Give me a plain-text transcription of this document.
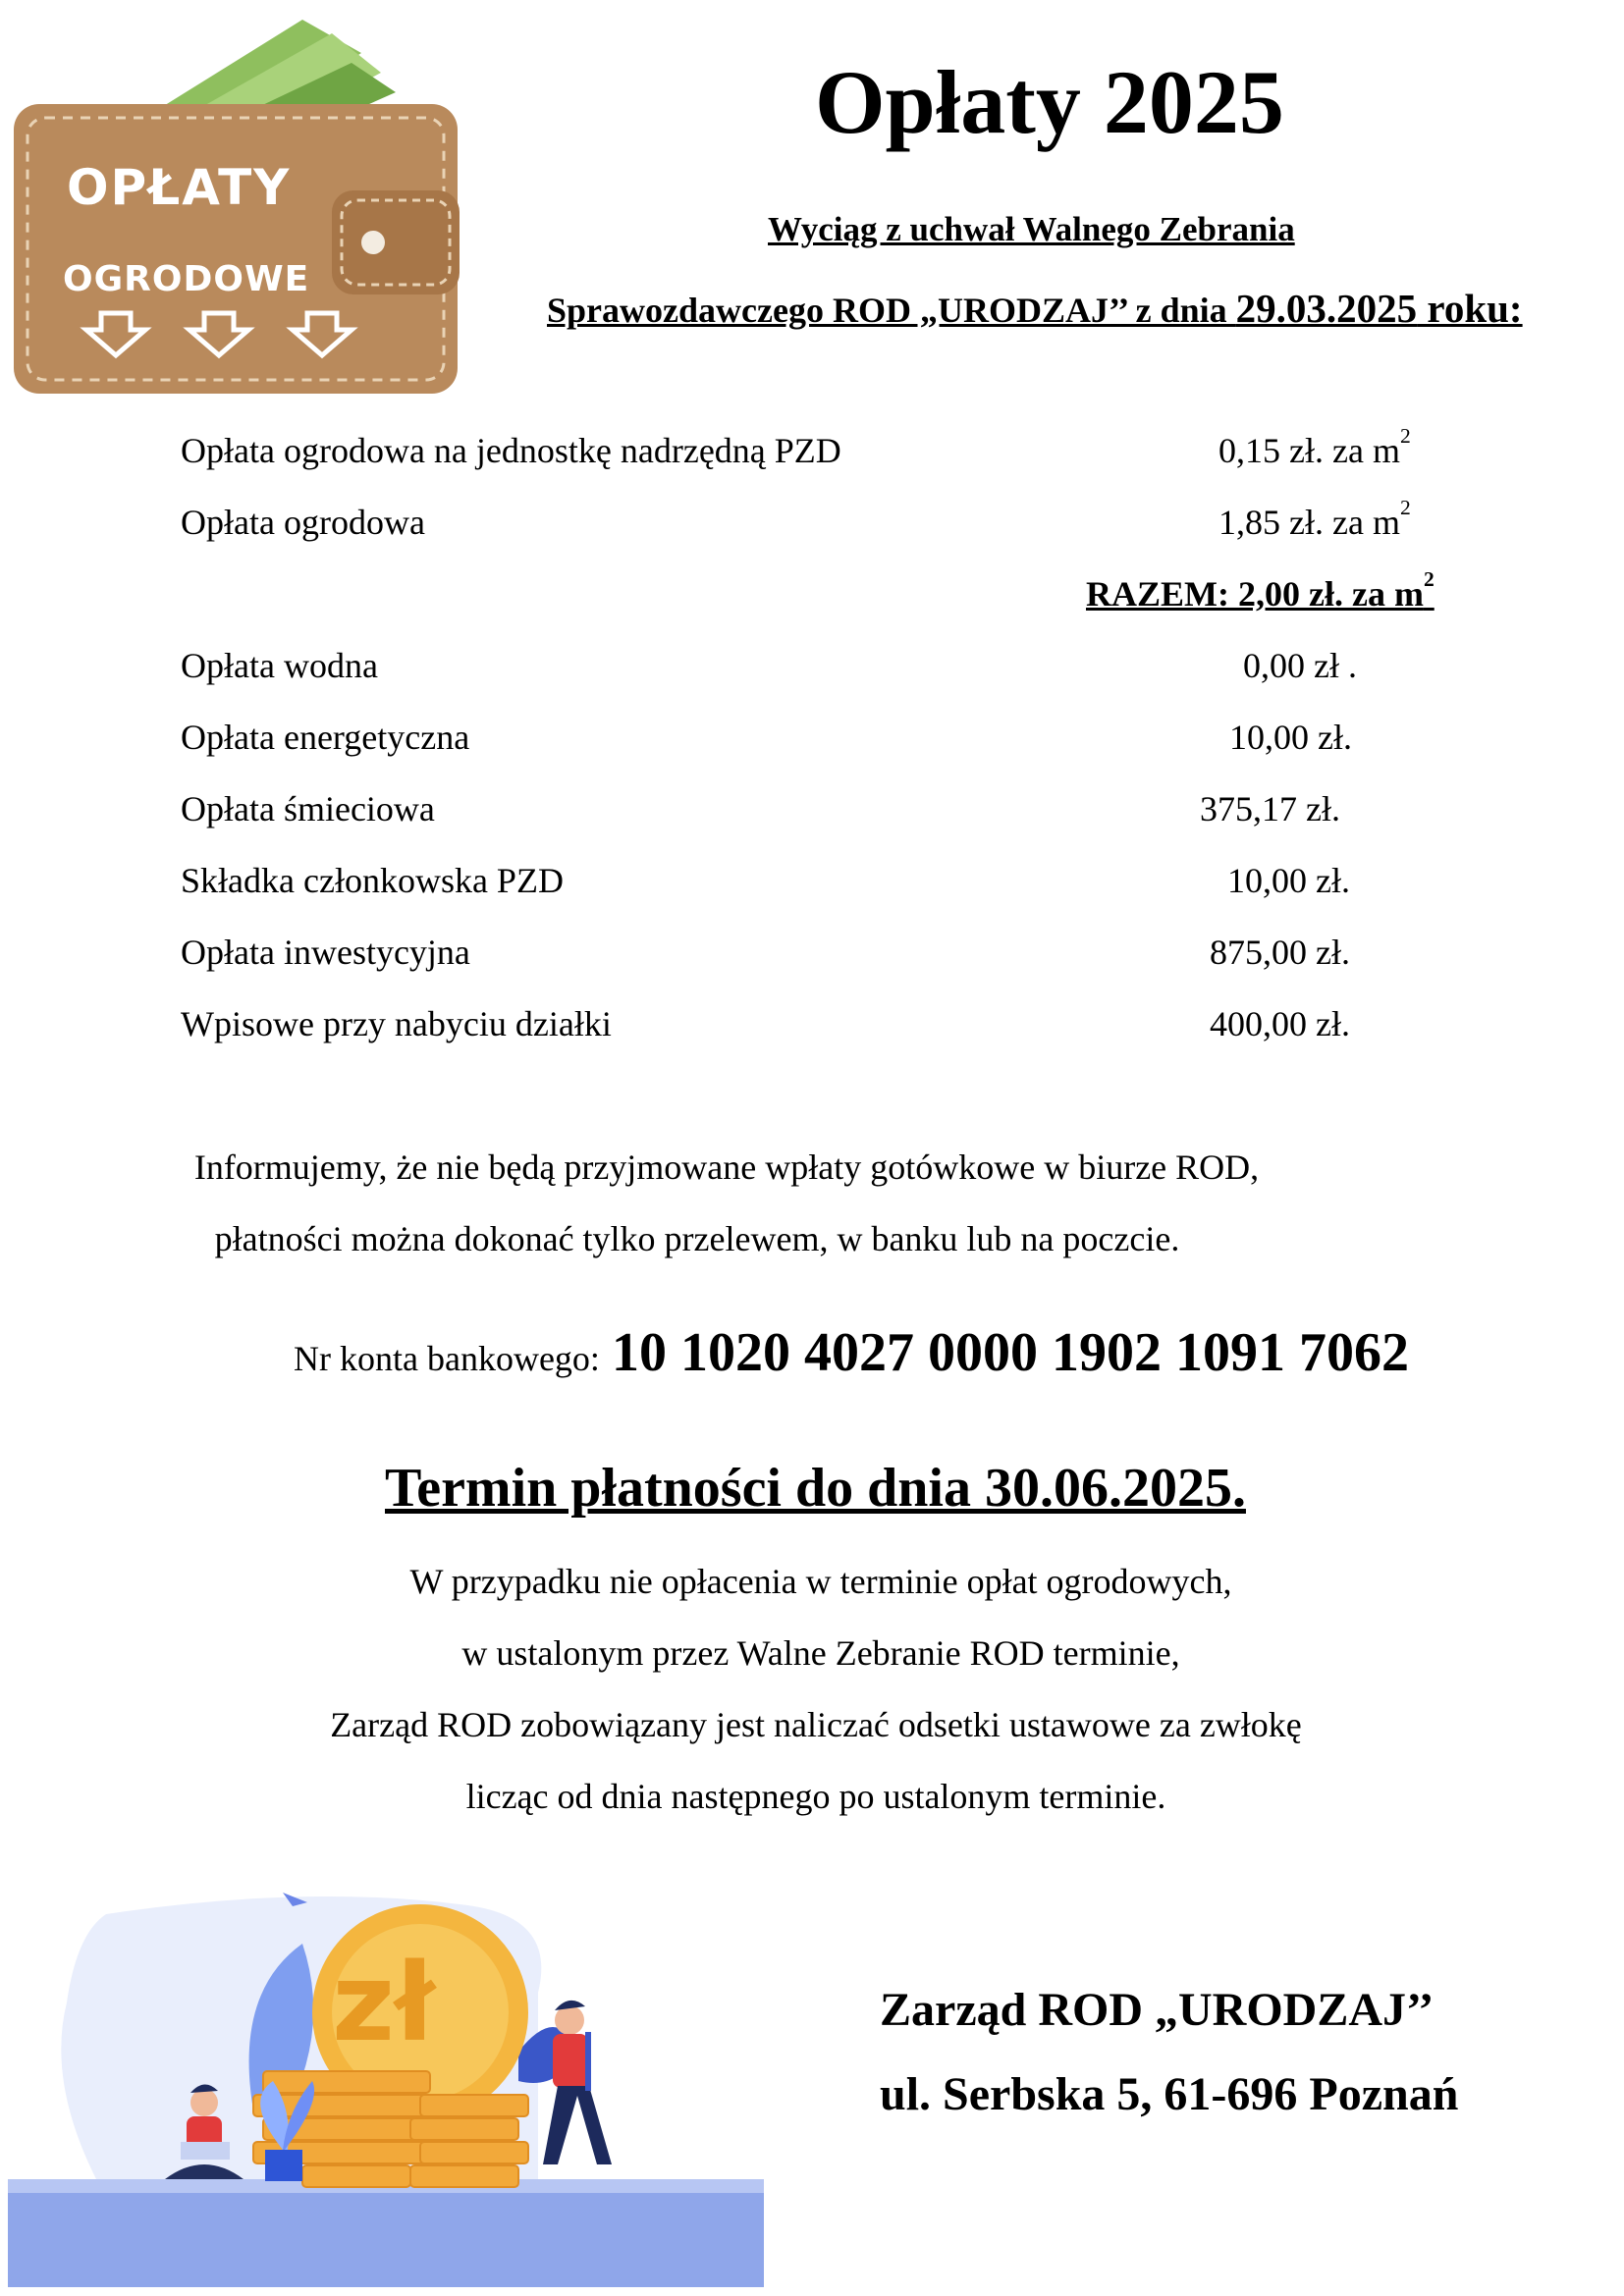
OPŁATY
OGRODOWE
Opłaty 2025
Wyciąg z uchwał Walnego Zebrania
Sprawozdawczego ROD „URODZAJ’’ z dnia 29.03.2025 roku:
Opłata ogrodowa na jednostkę nadrzędną PZD	0,15 zł. za $m^2$
Opłata ogrodowa	1,85 zł. za $m^2$
RAZEM: 2,00 zł. za $m^2$
Opłata wodna	0,00 zł .
Opłata energetyczna	10,00 zł.
Opłata śmieciowa	375,17 zł.
Składka członkowska PZD	10,00 zł.
Opłata inwestycyjna	875,00 zł.
Wpisowe przy nabyciu działki	400,00 zł.
Informujemy, że nie będą przyjmowane wpłaty gotówkowe w biurze ROD,
płatności można dokonać tylko przelewem, w banku lub na poczcie.
Nr konta bankowego: 10 1020 4027 0000 1902 1091 7062
Termin płatności do dnia 30.06.2025.
W przypadku nie opłacenia w terminie opłat ogrodowych,
w ustalonym przez Walne Zebranie ROD terminie,
Zarząd ROD zobowiązany jest naliczać odsetki ustawowe za zwłokę
licząc od dnia następnego po ustalonym terminie.
zł	Zarząd ROD „URODZAJ’’
ul. Serbska 5, 61-696 Poznań
